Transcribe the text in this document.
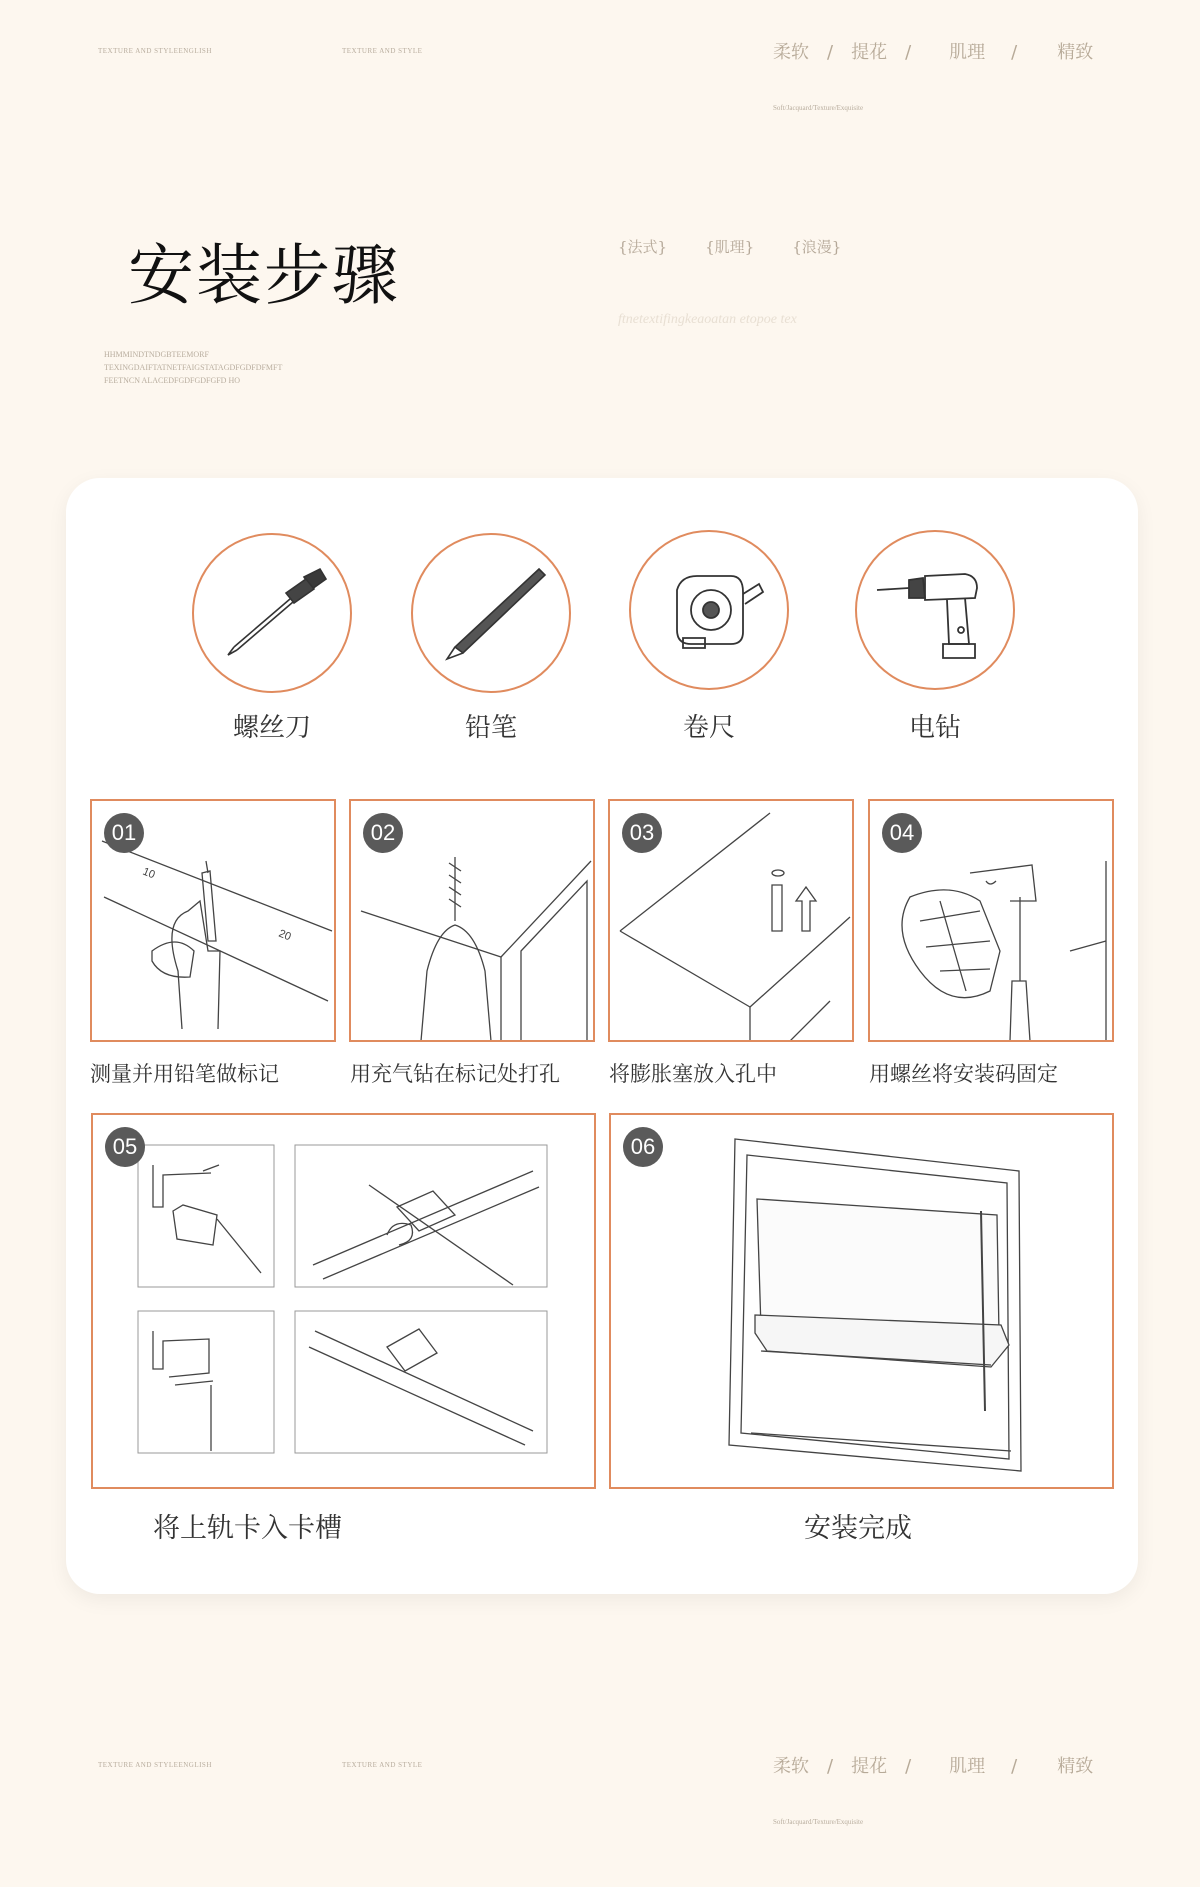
TEXTURE AND STYLEENGLISH	TEXTURE AND STYLE	柔软 / 提花 / 肌理 / 精致
Soft/Jacquard/Texture/Exquisite
安装步骤	{法式}	{肌理}	{浪漫}
ftnetextifingkeaoatan etopoe tex
HHMMINDTNDGBTEEMORF
TEXINGDAIFTATNETFAIGSTATAGDFGDFDFMFT
FEETNCN ALACEDFGDFGDFGFD HO
螺丝刀	铅笔	卷尺	电钻
10
20
01	02	03	04
测量并用铅笔做标记	用充气钻在标记处打孔 将膨胀塞放入孔中	用螺丝将安装码固定
05	06
将上轨卡入卡槽	安装完成
TEXTURE AND STYLEENGLISH	TEXTURE AND STYLE	柔软 / 提花 / 肌理 / 精致
Soft/Jacquard/Texture/Exquisite
